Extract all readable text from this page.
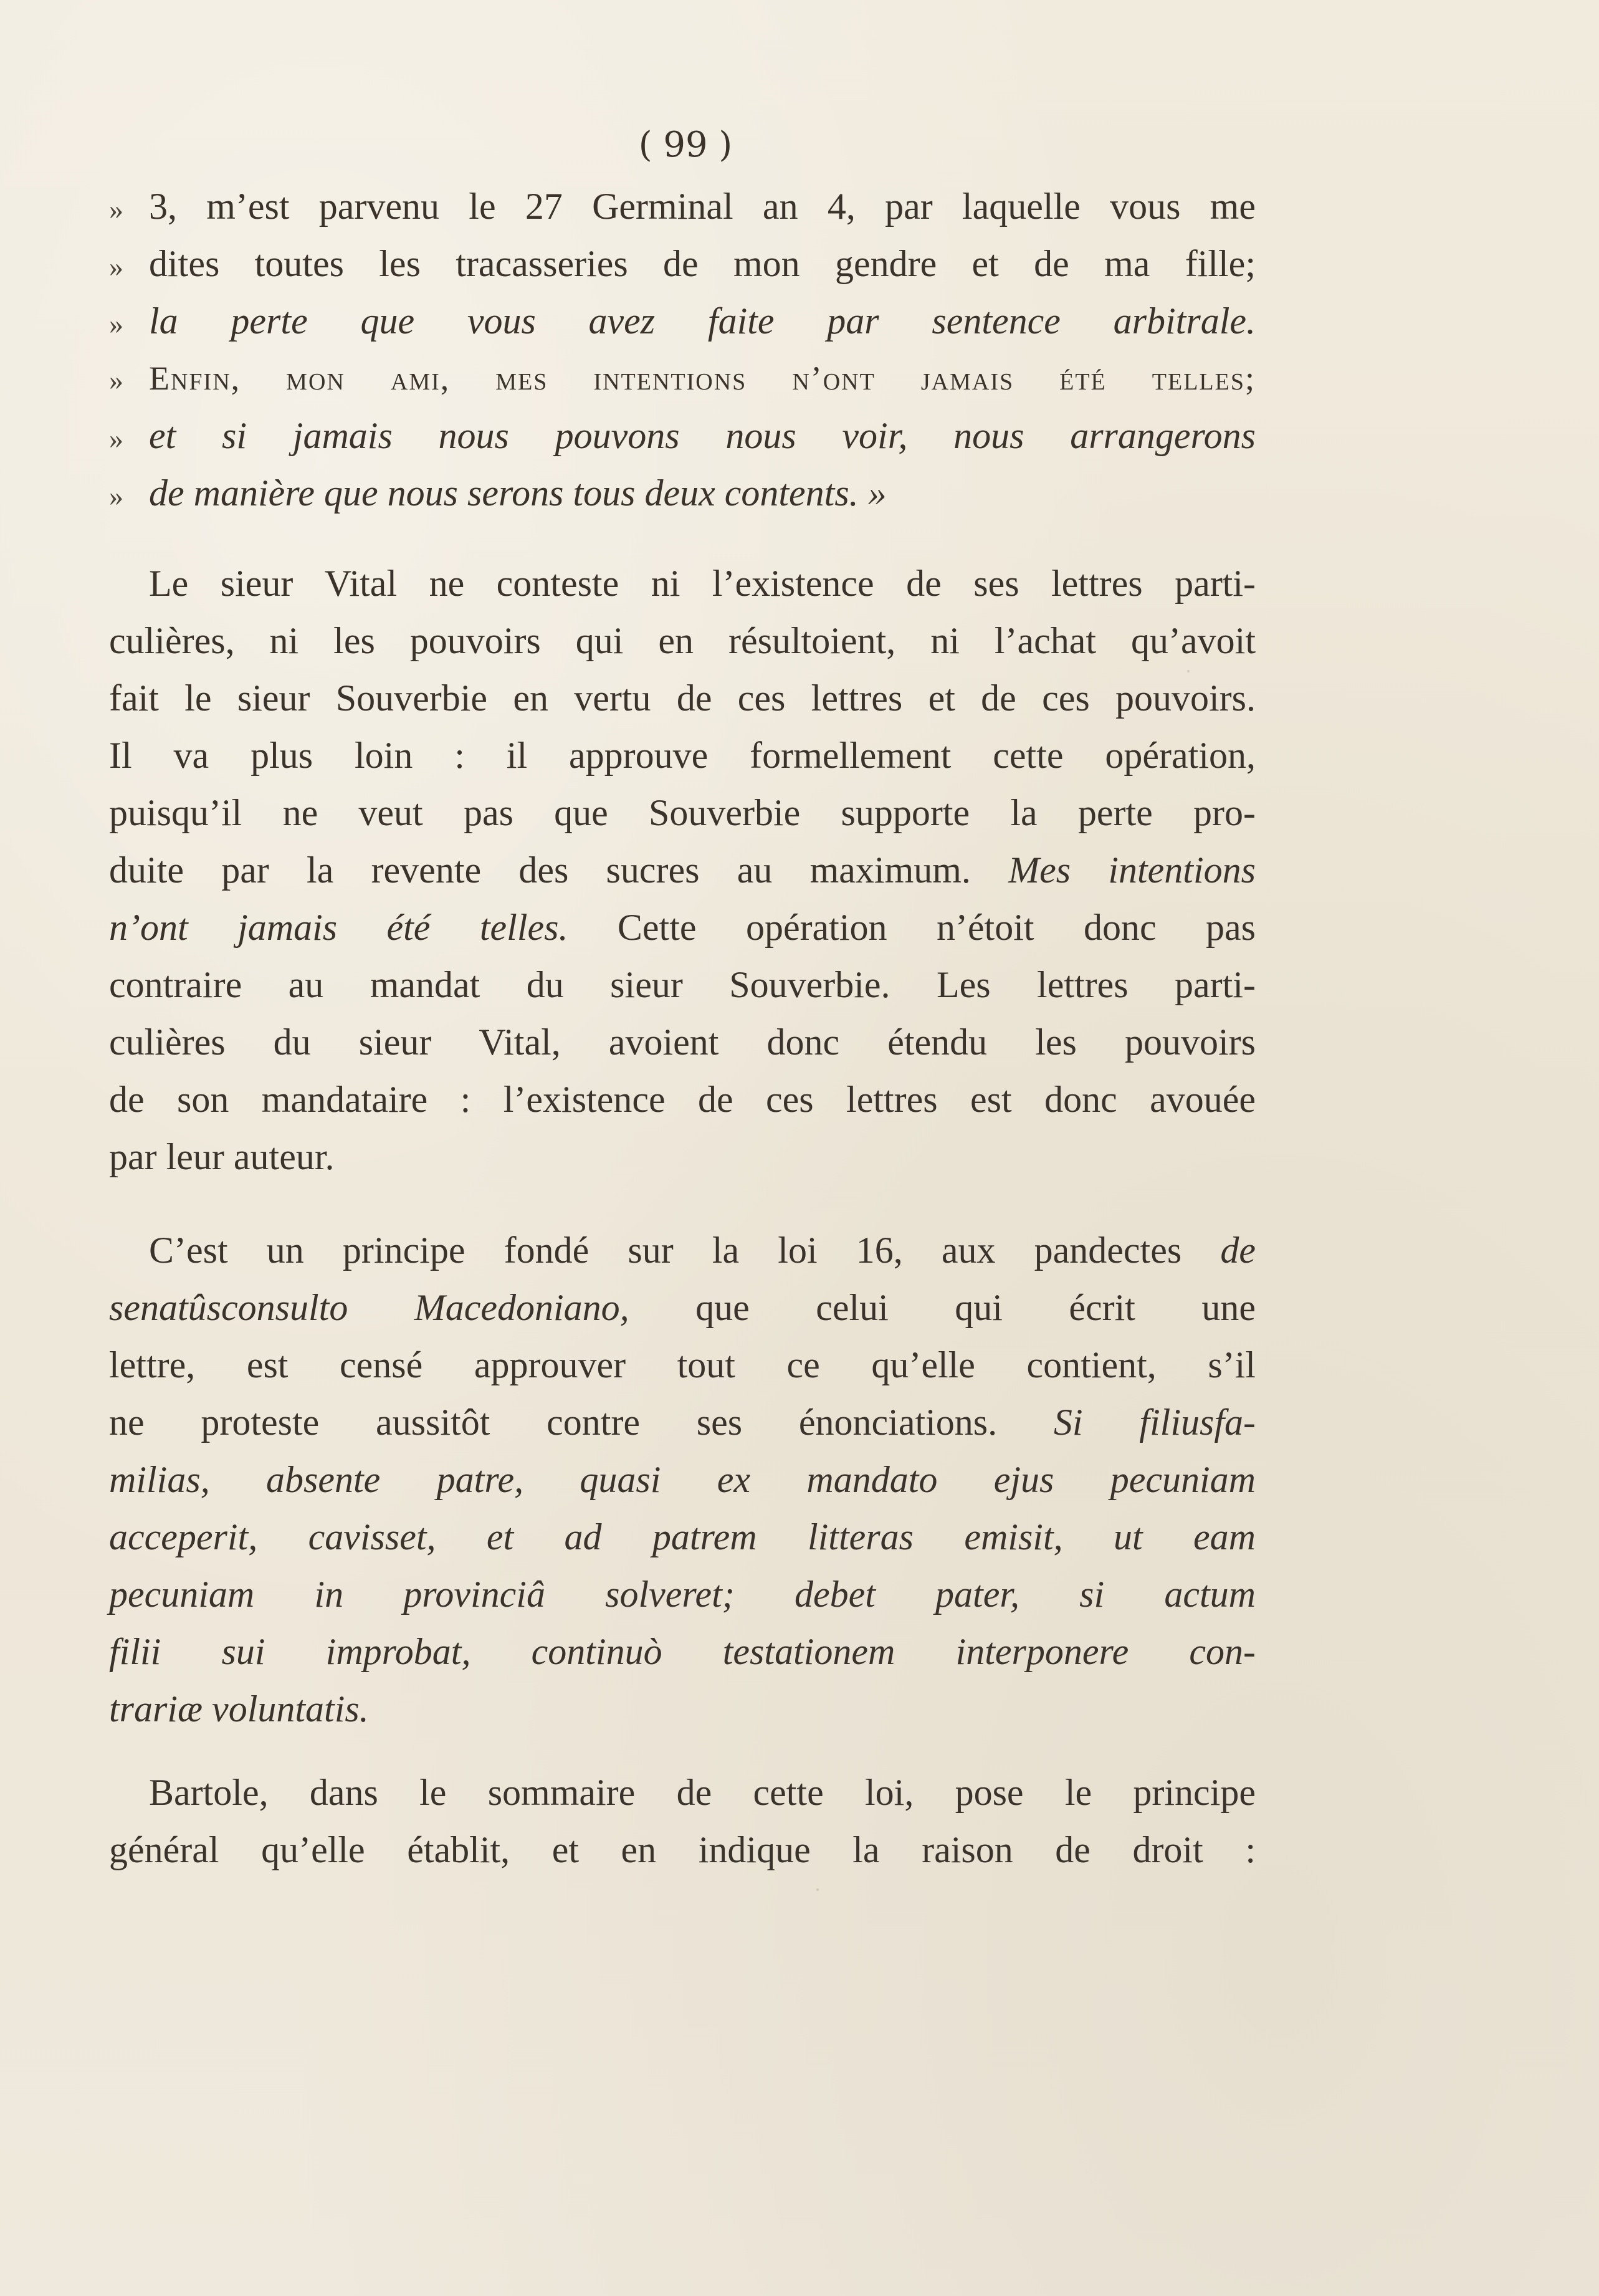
( 99 )
» 3, m’est parvenu le 27 Germinal an 4, par laquelle vous me
» dites toutes les tracasseries de mon gendre et de ma fille;
» la perte que vous avez faite par sentence arbitrale.
» Enfin, mon ami, mes intentions n’ont jamais été telles;
» et si jamais nous pouvons nous voir, nous arrangerons
» de manière que nous serons tous deux contents. »
Le sieur Vital ne conteste ni l’existence de ses lettres parti-
culières, ni les pouvoirs qui en résultoient, ni l’achat qu’avoit
fait le sieur Souverbie en vertu de ces lettres et de ces pouvoirs.
Il va plus loin : il approuve formellement cette opération,
puisqu’il ne veut pas que Souverbie supporte la perte pro-
duite par la revente des sucres au maximum. Mes intentions
n’ont jamais été telles. Cette opération n’étoit donc pas
contraire au mandat du sieur Souverbie. Les lettres parti-
culières du sieur Vital, avoient donc étendu les pouvoirs
de son mandataire : l’existence de ces lettres est donc avouée
par leur auteur.
C’est un principe fondé sur la loi 16, aux pandectes de
senatûsconsulto Macedoniano, que celui qui écrit une
lettre, est censé approuver tout ce qu’elle contient, s’il
ne proteste aussitôt contre ses énonciations. Si filiusfa-
milias, absente patre, quasi ex mandato ejus pecuniam
acceperit, cavisset, et ad patrem litteras emisit, ut eam
pecuniam in provinciâ solveret; debet pater, si actum
filii sui improbat, continuò testationem interponere con-
trariæ voluntatis.
Bartole, dans le sommaire de cette loi, pose le principe
général qu’elle établit, et en indique la raison de droit :
